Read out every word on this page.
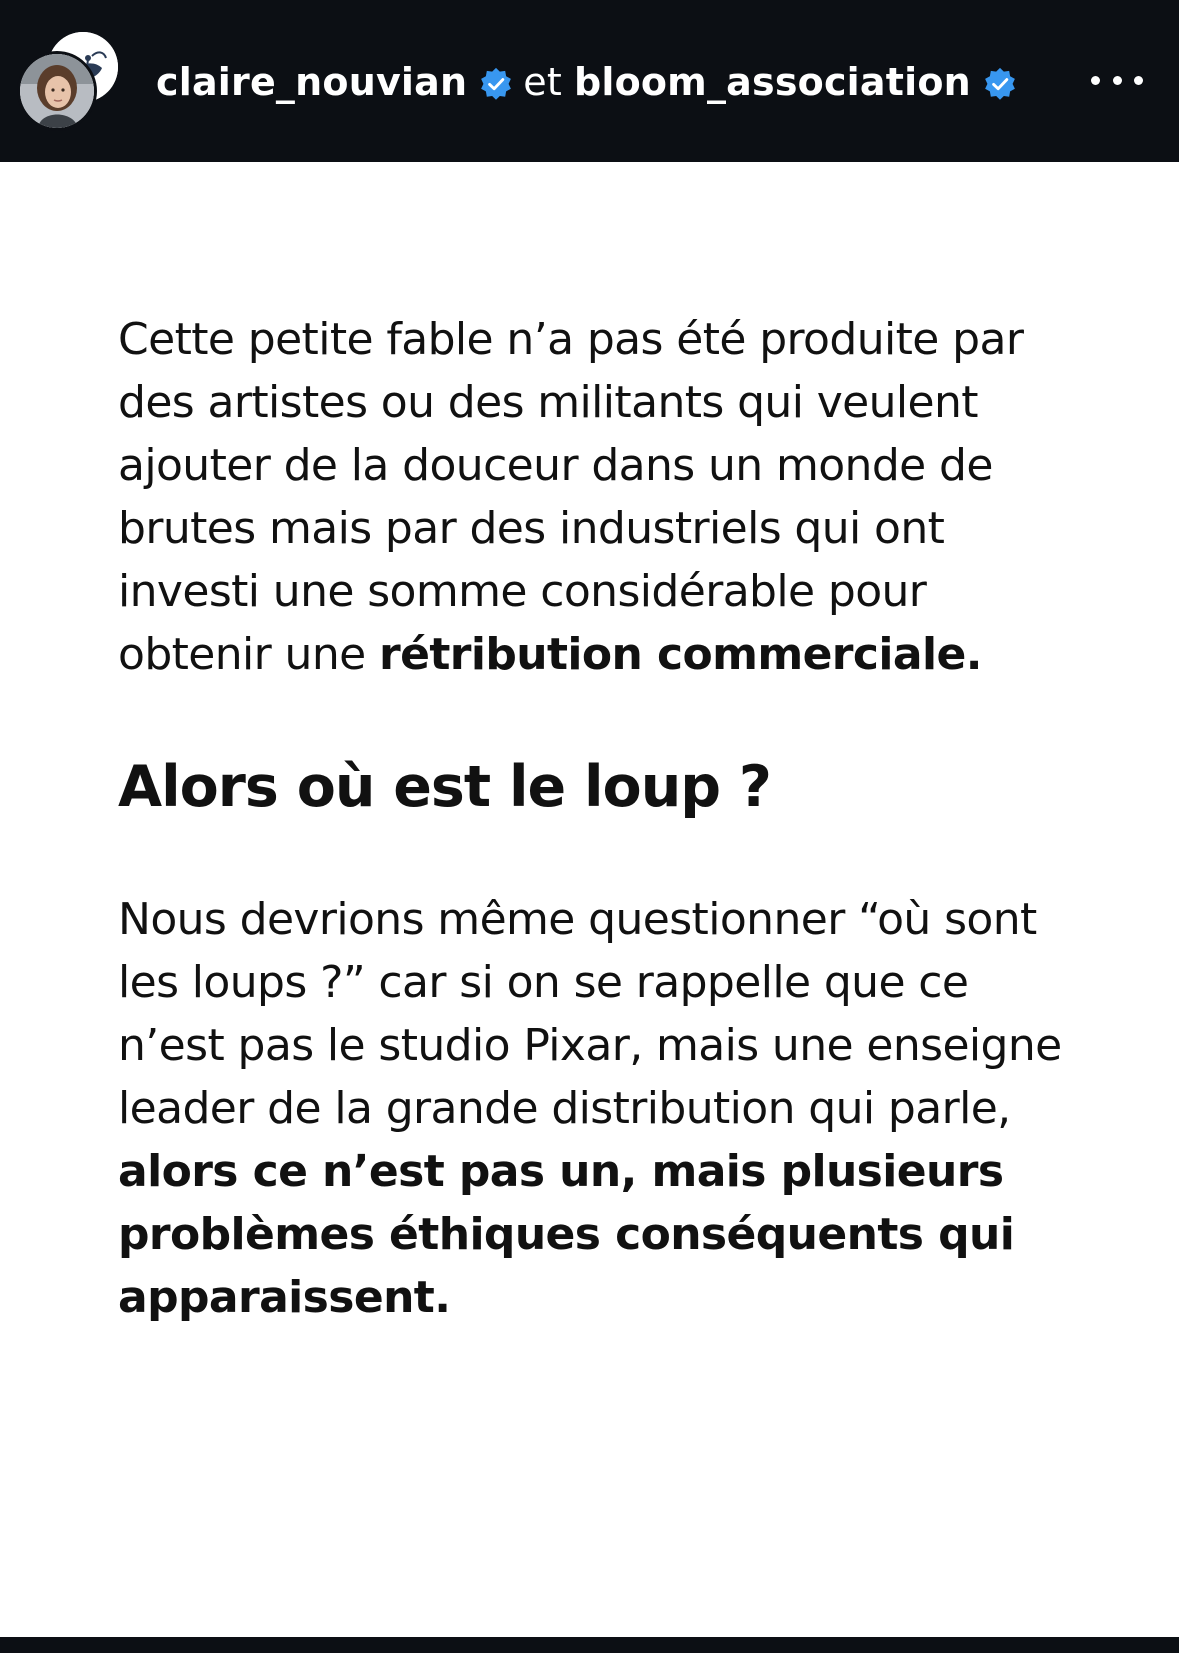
claire_nouvian et bloom_association

Cette petite fable n’a pas été produite par des artistes ou des militants qui veulent ajouter de la douceur dans un monde de brutes mais par des industriels qui ont investi une somme considérable pour obtenir une rétribution commerciale.

Alors où est le loup ?

Nous devrions même questionner “où sont les loups ?” car si on se rappelle que ce n’est pas le studio Pixar, mais une enseigne leader de la grande distribution qui parle, alors ce n’est pas un, mais plusieurs problèmes éthiques conséquents qui apparaissent.
